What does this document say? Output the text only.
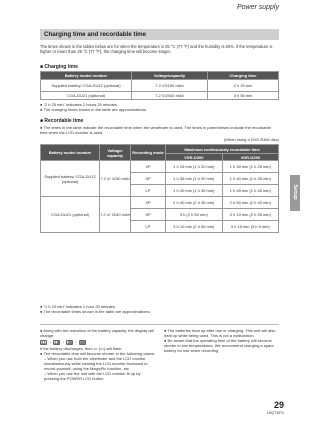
Power supply
Charging time and recordable time
The times shown in the tables below are for when the temperature is 25 °C (77 °F) and the humidity is 60%. If the temperature is higher or lower than 25 °C (77 °F), the charging time will become longer.
■ Charging time
Battery model number	Voltage/capacity	Charging time
Supplied battery/ CGA-DU12 (optional)	7.2 V/1150 mAh	2 h 25 min
CGA-DU21 (optional)	7.2 V/2040 mAh	3 h 55 min
● “2 h 25 min” indicates 2 hours 25 minutes.
● The charging times shown in the table are approximations.
■ Recordable time
● The times in the table indicate the recordable time when the viewfinder is used. The times in parentheses indicate the recordable time when the LCD monitor is used.
(When using a DVD-RAM disc)
Battery model number	Voltage/ capacity	Recording mode	Maximum continuously recordable time	
			VDR-D300	VDR-D250
Supplied battery/ CGA-DU12 (optional)	7.2 V/ 1150 mAh	XP	1 h 25 min (1 h 20 min)	1 h 30 min (1 h 25 min)
		SP	1 h 35 min (1 h 30 min)	1 h 40 min (1 h 35 min)
		LP	1 h 40 min (1 h 35 min)	1 h 45 min (1 h 40 min)
CGA-DU21 (optional)	7.2 V/ 2040 mAh	XP	2 h 40 min (2 h 35 min)	2 h 50 min (2 h 40 min)
		SP	3 h (2 h 50 min)	3 h 10 min (2 h 55 min)
		LP	3 h 10 min (2 h 55 min)	3 h 15 min (3 h 5 min)
● “1 h 25 min” indicates 1 hour 25 minutes.
● The recordable times shown in the table are approximations.
● Along with the reduction of the battery capacity, the display will change:
▮▮▮ → ▮▮▯ → ▮▯▯ → ▯▯▯
If the battery discharges, then ▭ (▭) will flash.
● The recordable time will become shorter in the following cases:
– When you use both the viewfinder and the LCD monitor simultaneously while rotating the LCD monitor frontward to record yourself, using the MagicPix function, etc.
– When you use the unit with the LCD monitor lit up by pressing the POWER LCD button.
● The batteries heat up after use or charging. This unit will also heat up while being used. This is not a malfunction.
● Be aware that the operating time of the battery will become shorter in low temperatures. We recommend charging a spare battery for use when recording.
Setup
29
LSQT1071
